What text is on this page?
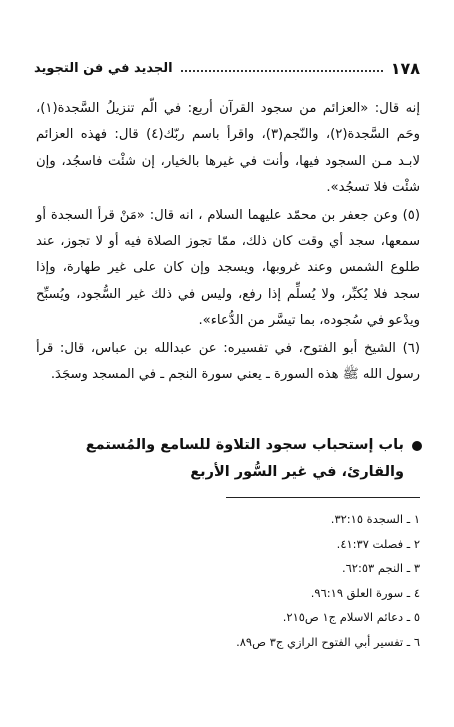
١٧٨
الجديد في فن التجويد

إنه قال: «العزائم من سجود القرآن أربع: في الّم تنزيلُ السَّجدة(١)، وحَم السَّجدة(٢)، والنّجم(٣)، واقرأ باسم ربّك(٤) قال: فهذه العزائم لابـد مـن السجود فيها، وأنت في غيرها بالخيار، إن شئْت فاسجُد، وإن شئْت فلا تسجُد».

(٥) وعن جعفر بن محمّد عليهما السلام ، انه قال: «مَنْ قرأ السجدة أو سمعها، سجد أي وقت كان ذلك، ممّا تجوز الصلاة فيه أو لا تجوز، عند طلوع الشمس وعند غروبها، ويسجد وإن كان على غير طهارة، وإذا سجد فلا يُكبِّر، ولا يُسلِّم إذا رفع، وليس في ذلك غير السُّجود، ويُسبِّح ويدْعو في سُجوده، بما تيسَّر من الدُّعاء».

(٦) الشيخ أبو الفتوح، في تفسيره: عن عبدالله بن عباس، قال: قرأ رسول الله ﷺ هذه السورة ـ يعني سورة النجم ـ في المسجد وسجَدَ.

باب إستحباب سجود التلاوة للسامع والمُستمع والقارئ، في غير السُّور الأربع
١ ـ السجدة ٣٢:١٥.
٢ ـ فصلت ٤١:٣٧.
٣ ـ النجم ٦٢:٥٣.
٤ ـ سورة العلق ٩٦:١٩.
٥ ـ دعائم الاسلام ج١ ص٢١٥.
٦ ـ تفسير أبي الفتوح الرازي ج٣ ص٨٩.
